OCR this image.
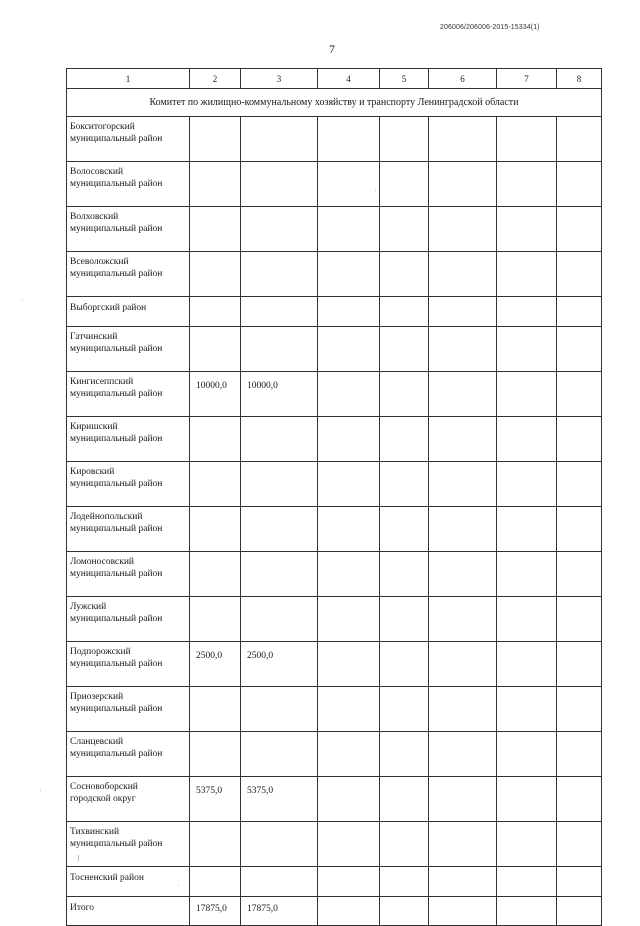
206006/206006-2015-15334(1)
7
1	2	3	4	5	6	7	8
Комитет по жилищно-коммунальному хозяйству и транспорту Ленинградской области							

Бокситогорский
муниципальный район							

Волосовский
муниципальный район							

Волховский
муниципальный район							

Всеволожский
муниципальный район							

Выборгский район							

Гатчинский
муниципальный район							

Кингисеппский
муниципальный район	10000,0	10000,0					

Киришский
муниципальный район							

Кировский
муниципальный район							

Лодейнопольский
муниципальный район							

Ломоносовский
муниципальный район							

Лужский
муниципальный район							

Подпорожский
муниципальный район	2500,0	2500,0					

Приозерский
муниципальный район							

Сланцевский
муниципальный район							

Сосновоборский
городской округ	5375,0	5375,0					

Тихвинский
муниципальный район							

Тосненский район							

Итого	17875,0	17875,0					
